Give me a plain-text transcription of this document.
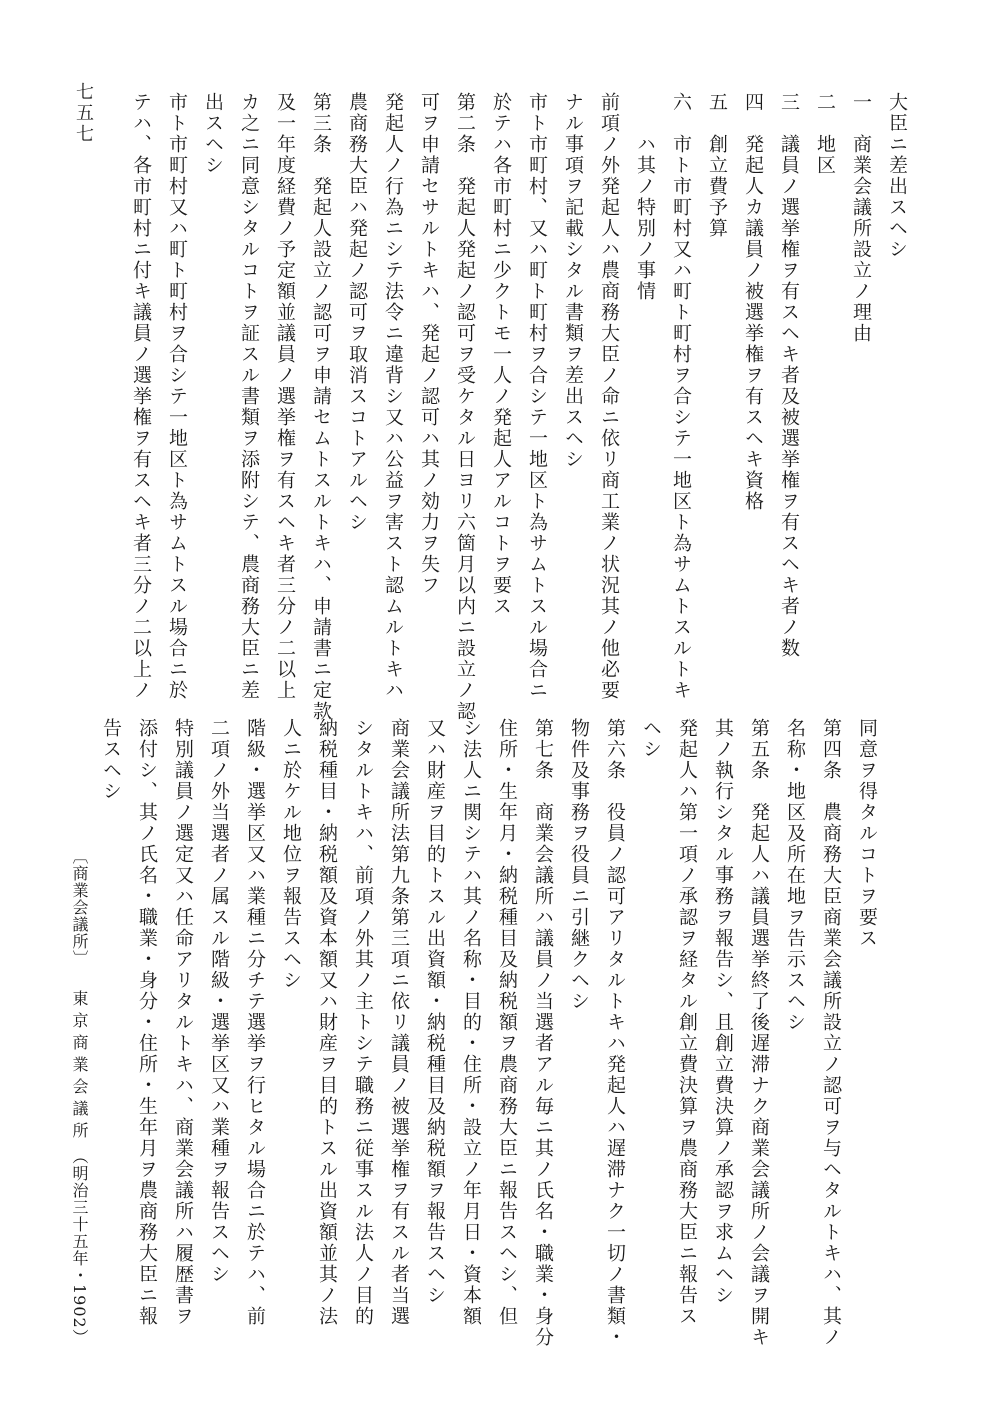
大臣ニ差出スヘシ
一　商業会議所設立ノ理由
二　地区
三　議員ノ選挙権ヲ有スヘキ者及被選挙権ヲ有スヘキ者ノ数
四　発起人カ議員ノ被選挙権ヲ有スヘキ資格
五　創立費予算
六　市ト市町村又ハ町ト町村ヲ合シテ一地区ト為サムトスルトキ
　　ハ其ノ特別ノ事情
前項ノ外発起人ハ農商務大臣ノ命ニ依リ商工業ノ状況其ノ他必要
ナル事項ヲ記載シタル書類ヲ差出スヘシ
市ト市町村、又ハ町ト町村ヲ合シテ一地区ト為サムトスル場合ニ
於テハ各市町村ニ少クトモ一人ノ発起人アルコトヲ要ス
第二条　発起人発起ノ認可ヲ受ケタル日ヨリ六箇月以内ニ設立ノ認
可ヲ申請セサルトキハ、発起ノ認可ハ其ノ効力ヲ失フ
発起人ノ行為ニシテ法令ニ違背シ又ハ公益ヲ害スト認ムルトキハ
農商務大臣ハ発起ノ認可ヲ取消スコトアルヘシ
第三条　発起人設立ノ認可ヲ申請セムトスルトキハ、申請書ニ定款
及一年度経費ノ予定額並議員ノ選挙権ヲ有スヘキ者三分ノ二以上
カ之ニ同意シタルコトヲ証スル書類ヲ添附シテ、農商務大臣ニ差
出スヘシ
市ト市町村又ハ町ト町村ヲ合シテ一地区ト為サムトスル場合ニ於
テハ、各市町村ニ付キ議員ノ選挙権ヲ有スヘキ者三分ノ二以上ノ
同意ヲ得タルコトヲ要ス
第四条　農商務大臣商業会議所設立ノ認可ヲ与ヘタルトキハ、其ノ
名称・地区及所在地ヲ告示スヘシ
第五条　発起人ハ議員選挙終了後遅滞ナク商業会議所ノ会議ヲ開キ
其ノ執行シタル事務ヲ報告シ、且創立費決算ノ承認ヲ求ムヘシ
発起人ハ第一項ノ承認ヲ経タル創立費決算ヲ農商務大臣ニ報告ス
ヘシ
第六条　役員ノ認可アリタルトキハ発起人ハ遅滞ナク一切ノ書類・
物件及事務ヲ役員ニ引継クヘシ
第七条　商業会議所ハ議員ノ当選者アル毎ニ其ノ氏名・職業・身分
住所・生年月・納税種目及納税額ヲ農商務大臣ニ報告スヘシ、但
シ法人ニ関シテハ其ノ名称・目的・住所・設立ノ年月日・資本額
又ハ財産ヲ目的トスル出資額・納税種目及納税額ヲ報告スヘシ
商業会議所法第九条第三項ニ依リ議員ノ被選挙権ヲ有スル者当選
シタルトキハ、前項ノ外其ノ主トシテ職務ニ従事スル法人ノ目的
納税種目・納税額及資本額又ハ財産ヲ目的トスル出資額並其ノ法
人ニ於ケル地位ヲ報告スヘシ
階級・選挙区又ハ業種ニ分チテ選挙ヲ行ヒタル場合ニ於テハ、前
二項ノ外当選者ノ属スル階級・選挙区又ハ業種ヲ報告スヘシ
特別議員ノ選定又ハ任命アリタルトキハ、商業会議所ハ履歴書ヲ
添付シ、其ノ氏名・職業・身分・住所・生年月ヲ農商務大臣ニ報
告スヘシ
七五七
〔商業会議所〕
東京商業会議所
（明治三十五年・1902）
